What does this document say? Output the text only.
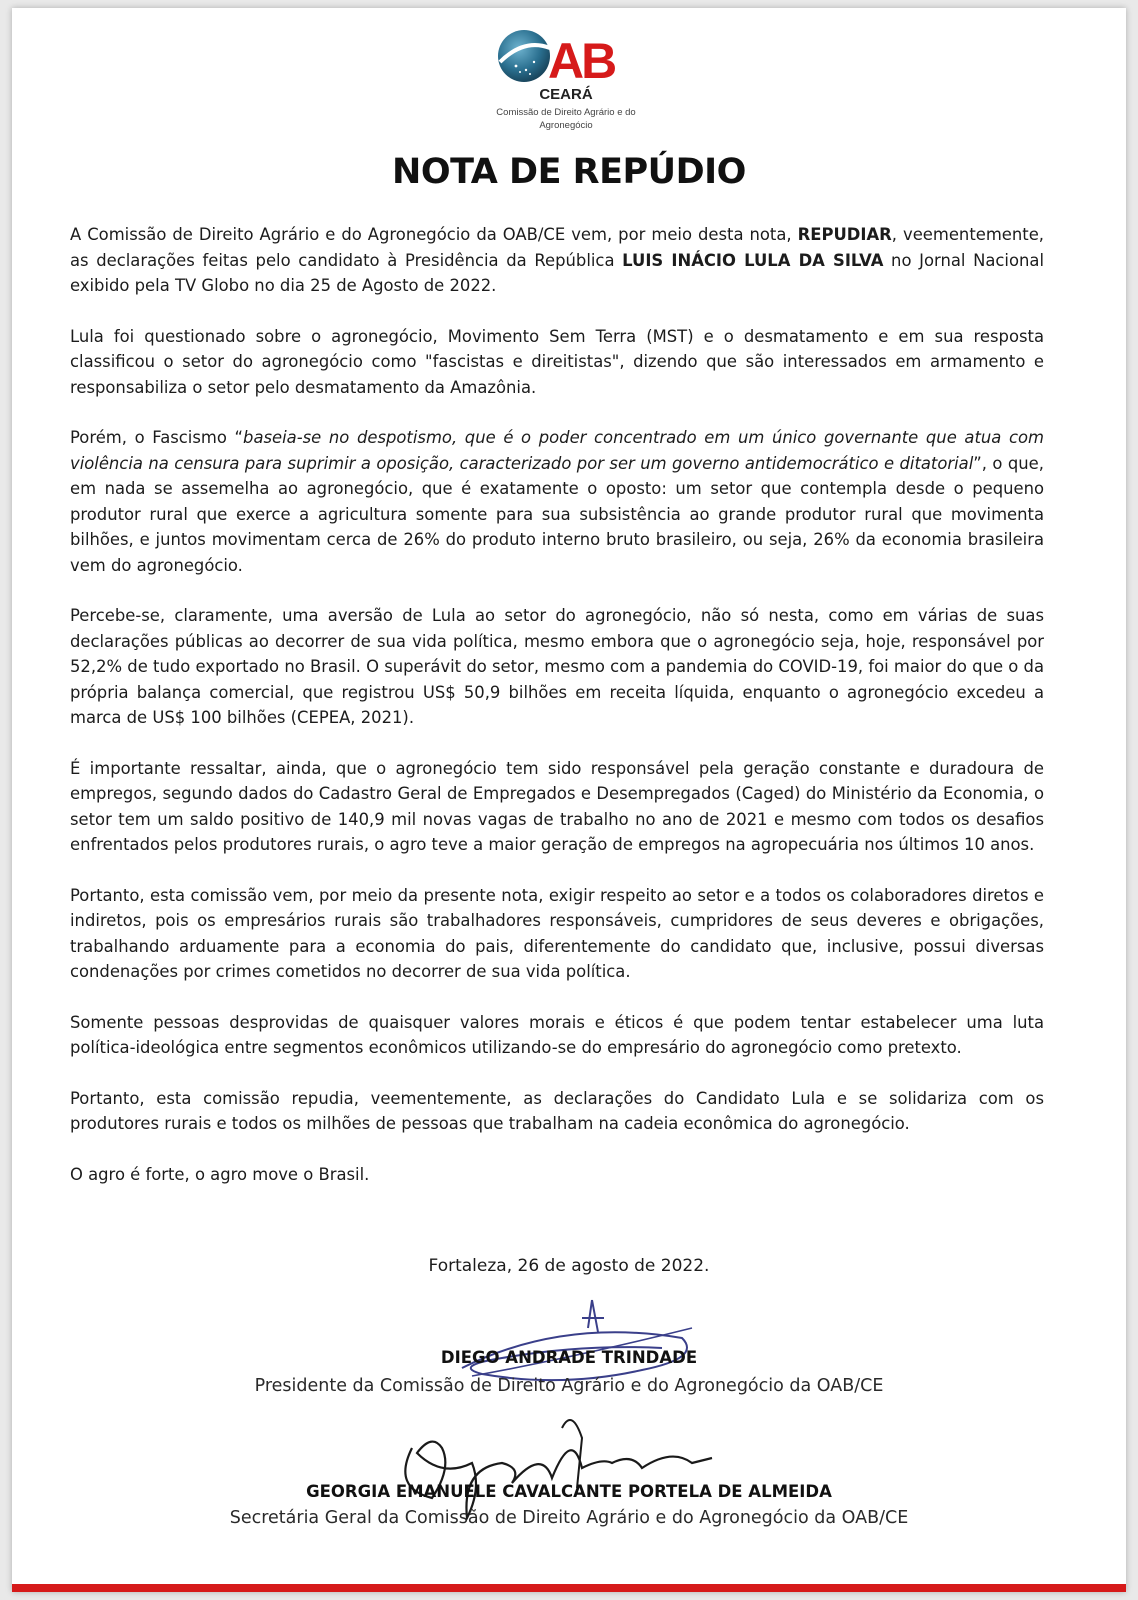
AB
CEARÁ
Comissão de Direito Agrário e do Agronegócio
NOTA DE REPÚDIO

A Comissão de Direito Agrário e do Agronegócio da OAB/CE vem, por meio desta nota, REPUDIAR, veementemente, as declarações feitas pelo candidato à Presidência da República LUIS INÁCIO LULA DA SILVA no Jornal Nacional exibido pela TV Globo no dia 25 de Agosto de 2022.

Lula foi questionado sobre o agronegócio, Movimento Sem Terra (MST) e o desmatamento e em sua resposta classificou o setor do agronegócio como "fascistas e direitistas", dizendo que são interessados em armamento e responsabiliza o setor pelo desmatamento da Amazônia.

Porém, o Fascismo “baseia-se no despotismo, que é o poder concentrado em um único governante que atua com violência na censura para suprimir a oposição, caracterizado por ser um governo antidemocrático e ditatorial”, o que, em nada se assemelha ao agronegócio, que é exatamente o oposto: um setor que contempla desde o pequeno produtor rural que exerce a agricultura somente para sua subsistência ao grande produtor rural que movimenta bilhões, e juntos movimentam cerca de 26% do produto interno bruto brasileiro, ou seja, 26% da economia brasileira vem do agronegócio.

Percebe-se, claramente, uma aversão de Lula ao setor do agronegócio, não só nesta, como em várias de suas declarações públicas ao decorrer de sua vida política, mesmo embora que o agronegócio seja, hoje, responsável por 52,2% de tudo exportado no Brasil. O superávit do setor, mesmo com a pandemia do COVID-19, foi maior do que o da própria balança comercial, que registrou US$ 50,9 bilhões em receita líquida, enquanto o agronegócio excedeu a marca de US$ 100 bilhões (CEPEA, 2021).

É importante ressaltar, ainda, que o agronegócio tem sido responsável pela geração constante e duradoura de empregos, segundo dados do Cadastro Geral de Empregados e Desempregados (Caged) do Ministério da Economia, o setor tem um saldo positivo de 140,9 mil novas vagas de trabalho no ano de 2021 e mesmo com todos os desafios enfrentados pelos produtores rurais, o agro teve a maior geração de empregos na agropecuária nos últimos 10 anos.

Portanto, esta comissão vem, por meio da presente nota, exigir respeito ao setor e a todos os colaboradores diretos e indiretos, pois os empresários rurais são trabalhadores responsáveis, cumpridores de seus deveres e obrigações, trabalhando arduamente para a economia do pais, diferentemente do candidato que, inclusive, possui diversas condenações por crimes cometidos no decorrer de sua vida política.

Somente pessoas desprovidas de quaisquer valores morais e éticos é que podem tentar estabelecer uma luta política-ideológica entre segmentos econômicos utilizando-se do empresário do agronegócio como pretexto.

Portanto, esta comissão repudia, veementemente, as declarações do Candidato Lula e se solidariza com os produtores rurais e todos os milhões de pessoas que trabalham na cadeia econômica do agronegócio.

O agro é forte, o agro move o Brasil.

Fortaleza, 26 de agosto de 2022.
DIEGO ANDRADE TRINDADE
Presidente da Comissão de Direito Agrário e do Agronegócio da OAB/CE
GEORGIA EMANUELE CAVALCANTE PORTELA DE ALMEIDA
Secretária Geral da Comissão de Direito Agrário e do Agronegócio da OAB/CE
